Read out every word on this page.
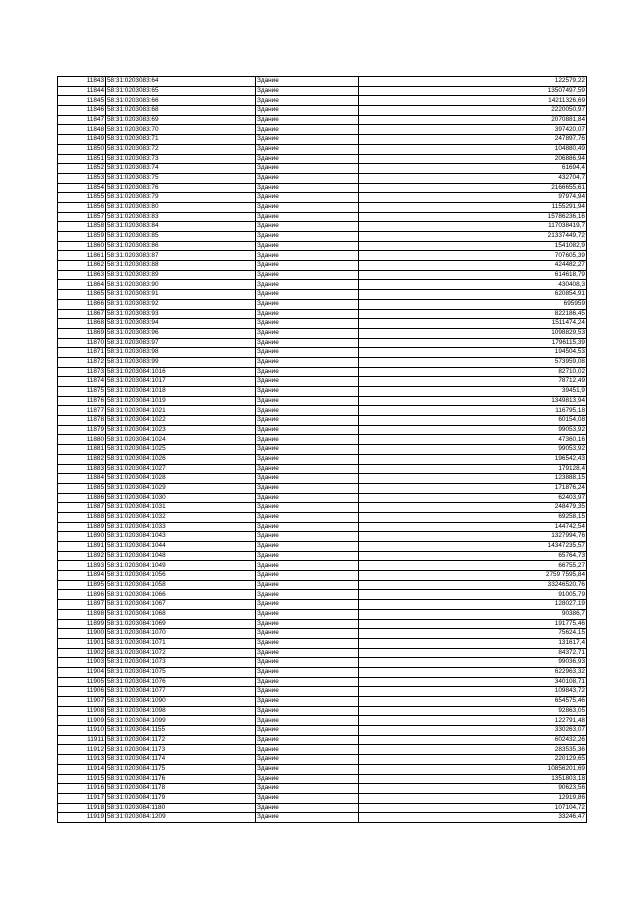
11843	58:31:0203083:64	Здание	122579,22
11844	58:31:0203083:65	Здание	13507497,59
11845	58:31:0203083:66	Здание	14211326,69
11846	58:31:0203083:68	Здание	2220050,97
11847	58:31:0203083:69	Здание	2070881,84
11848	58:31:0203083:70	Здание	397420,07
11849	58:31:0203083:71	Здание	247897,76
11850	58:31:0203083:72	Здание	104880,49
11851	58:31:0203083:73	Здание	206886,94
11852	58:31:0203083:74	Здание	61694,4
11853	58:31:0203083:75	Здание	432704,7
11854	58:31:0203083:76	Здание	2166655,61
11855	58:31:0203083:79	Здание	97974,94
11856	58:31:0203083:80	Здание	1155291,94
11857	58:31:0203083:83	Здание	15786236,16
11858	58:31:0203083:84	Здание	117038419,7
11859	58:31:0203083:85	Здание	21337449,72
11860	58:31:0203083:86	Здание	1541082,9
11861	58:31:0203083:87	Здание	707605,39
11862	58:31:0203083:88	Здание	424482,27
11863	58:31:0203083:89	Здание	614618,79
11864	58:31:0203083:90	Здание	430408,3
11865	58:31:0203083:91	Здание	620854,91
11866	58:31:0203083:92	Здание	695959
11867	58:31:0203083:93	Здание	822186,45
11868	58:31:0203083:94	Здание	1511474,24
11869	58:31:0203083:96	Здание	1098829,53
11870	58:31:0203083:97	Здание	1796115,39
11871	58:31:0203083:98	Здание	194504,53
11872	58:31:0203083:99	Здание	573959,08
11873	58:31:0203084:1016	Здание	82710,02
11874	58:31:0203084:1017	Здание	78712,49
11875	58:31:0203084:1018	Здание	39451,9
11876	58:31:0203084:1019	Здание	1349813,94
11877	58:31:0203084:1021	Здание	116795,18
11878	58:31:0203084:1022	Здание	60154,08
11879	58:31:0203084:1023	Здание	99053,92
11880	58:31:0203084:1024	Здание	47360,16
11881	58:31:0203084:1025	Здание	99053,92
11882	58:31:0203084:1026	Здание	196542,43
11883	58:31:0203084:1027	Здание	179128,4
11884	58:31:0203084:1028	Здание	123888,15
11885	58:31:0203084:1029	Здание	171876,24
11886	58:31:0203084:1030	Здание	62403,97
11887	58:31:0203084:1031	Здание	248479,35
11888	58:31:0203084:1032	Здание	69258,15
11889	58:31:0203084:1033	Здание	144742,54
11890	58:31:0203084:1043	Здание	1327994,76
11891	58:31:0203084:1044	Здание	14347235,57
11892	58:31:0203084:1048	Здание	65764,73
11893	58:31:0203084:1049	Здание	66755,27
11894	58:31:0203084:1056	Здание	2759 7595,84
11895	58:31:0203084:1058	Здание	33246520,76
11896	58:31:0203084:1066	Здание	91005,79
11897	58:31:0203084:1067	Здание	128027,19
11898	58:31:0203084:1068	Здание	90386,7
11899	58:31:0203084:1069	Здание	191775,46
11900	58:31:0203084:1070	Здание	75624,15
11901	58:31:0203084:1071	Здание	131617,4
11902	58:31:0203084:1072	Здание	84372,71
11903	58:31:0203084:1073	Здание	99036,93
11904	58:31:0203084:1075	Здание	622963,32
11905	58:31:0203084:1076	Здание	340108,71
11906	58:31:0203084:1077	Здание	109843,72
11907	58:31:0203084:1090	Здание	654575,46
11908	58:31:0203084:1098	Здание	92863,05
11909	58:31:0203084:1099	Здание	122791,48
11910	58:31:0203084:1155	Здание	330263,07
11911	58:31:0203084:1172	Здание	602432,26
11912	58:31:0203084:1173	Здание	283535,36
11913	58:31:0203084:1174	Здание	220129,65
11914	58:31:0203084:1175	Здание	10856201,69
11915	58:31:0203084:1176	Здание	1351803,18
11916	58:31:0203084:1178	Здание	90623,56
11917	58:31:0203084:1179	Здание	12919,86
11918	58:31:0203084:1180	Здание	107104,72
11919	58:31:0203084:1209	Здание	33246,47
